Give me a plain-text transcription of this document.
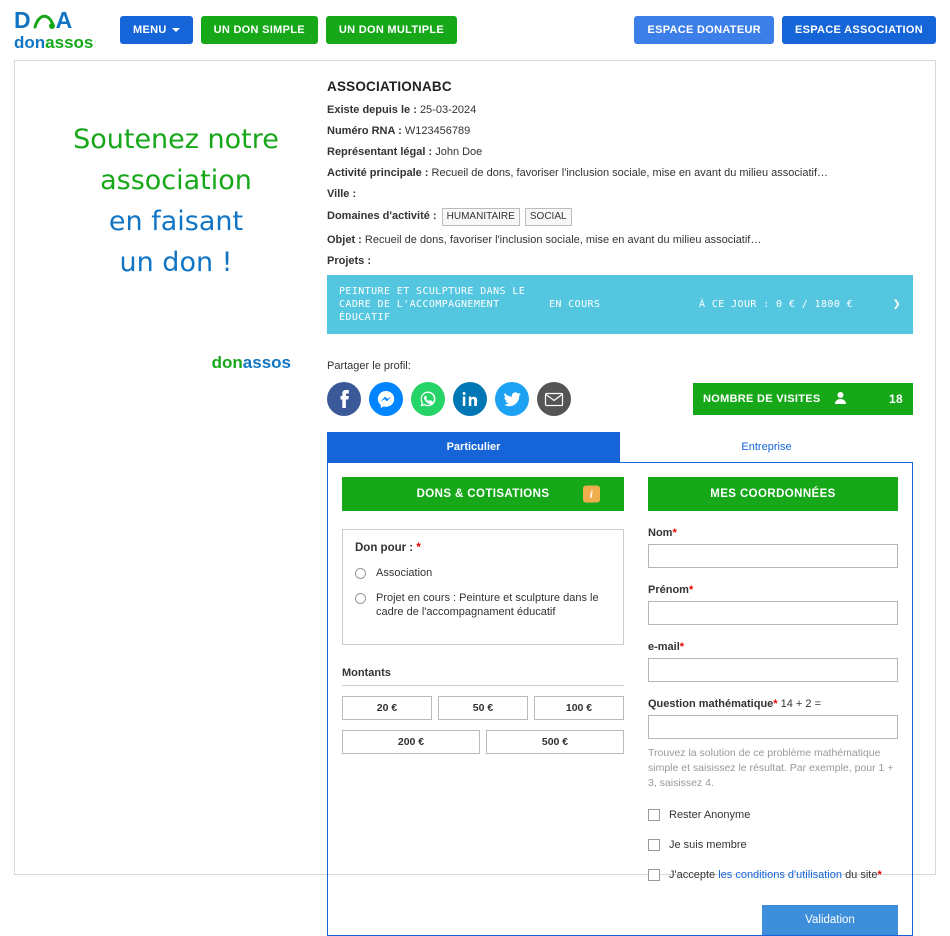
D A
donassos
MENU	UN DON SIMPLE	UN DON MULTIPLE	ESPACE DONATEUR	ESPACE ASSOCIATION
Soutenez notre
association
en faisant
un don !
donassos
ASSOCIATIONABC
Existe depuis le : 25-03-2024
Numéro RNA : W123456789
Représentant légal : John Doe
Activité principale : Recueil de dons, favoriser l'inclusion sociale, mise en avant du milieu associatif…
Ville :
Domaines d'activité : HUMANITAIRE SOCIAL
Objet : Recueil de dons, favoriser l'inclusion sociale, mise en avant du milieu associatif…
Projets :
PEINTURE ET SCULPTURE DANS LE CADRE DE L'ACCOMPAGNEMENT ÉDUCATIF
EN COURS	À CE JOUR : 0 € / 1800 €	❯
Partager le profil:
NOMBRE DE VISITES	18
Particulier	Entreprise
DONS & COTISATIONS	i
Don pour : *
Association
Projet en cours : Peinture et sculpture dans le cadre de l'accompagnament éducatif
Montants
20 €	50 €	100 €
200 €	500 €
MES COORDONNÉES
Nom*
Prénom*
e-mail*
Question mathématique* 14 + 2 =
Trouvez la solution de ce problème mathématique simple et saisissez le résultat. Par exemple, pour 1 + 3, saisissez 4.
Rester Anonyme
Je suis membre
J'accepte
les conditions d'utilisation
du site *
Validation
